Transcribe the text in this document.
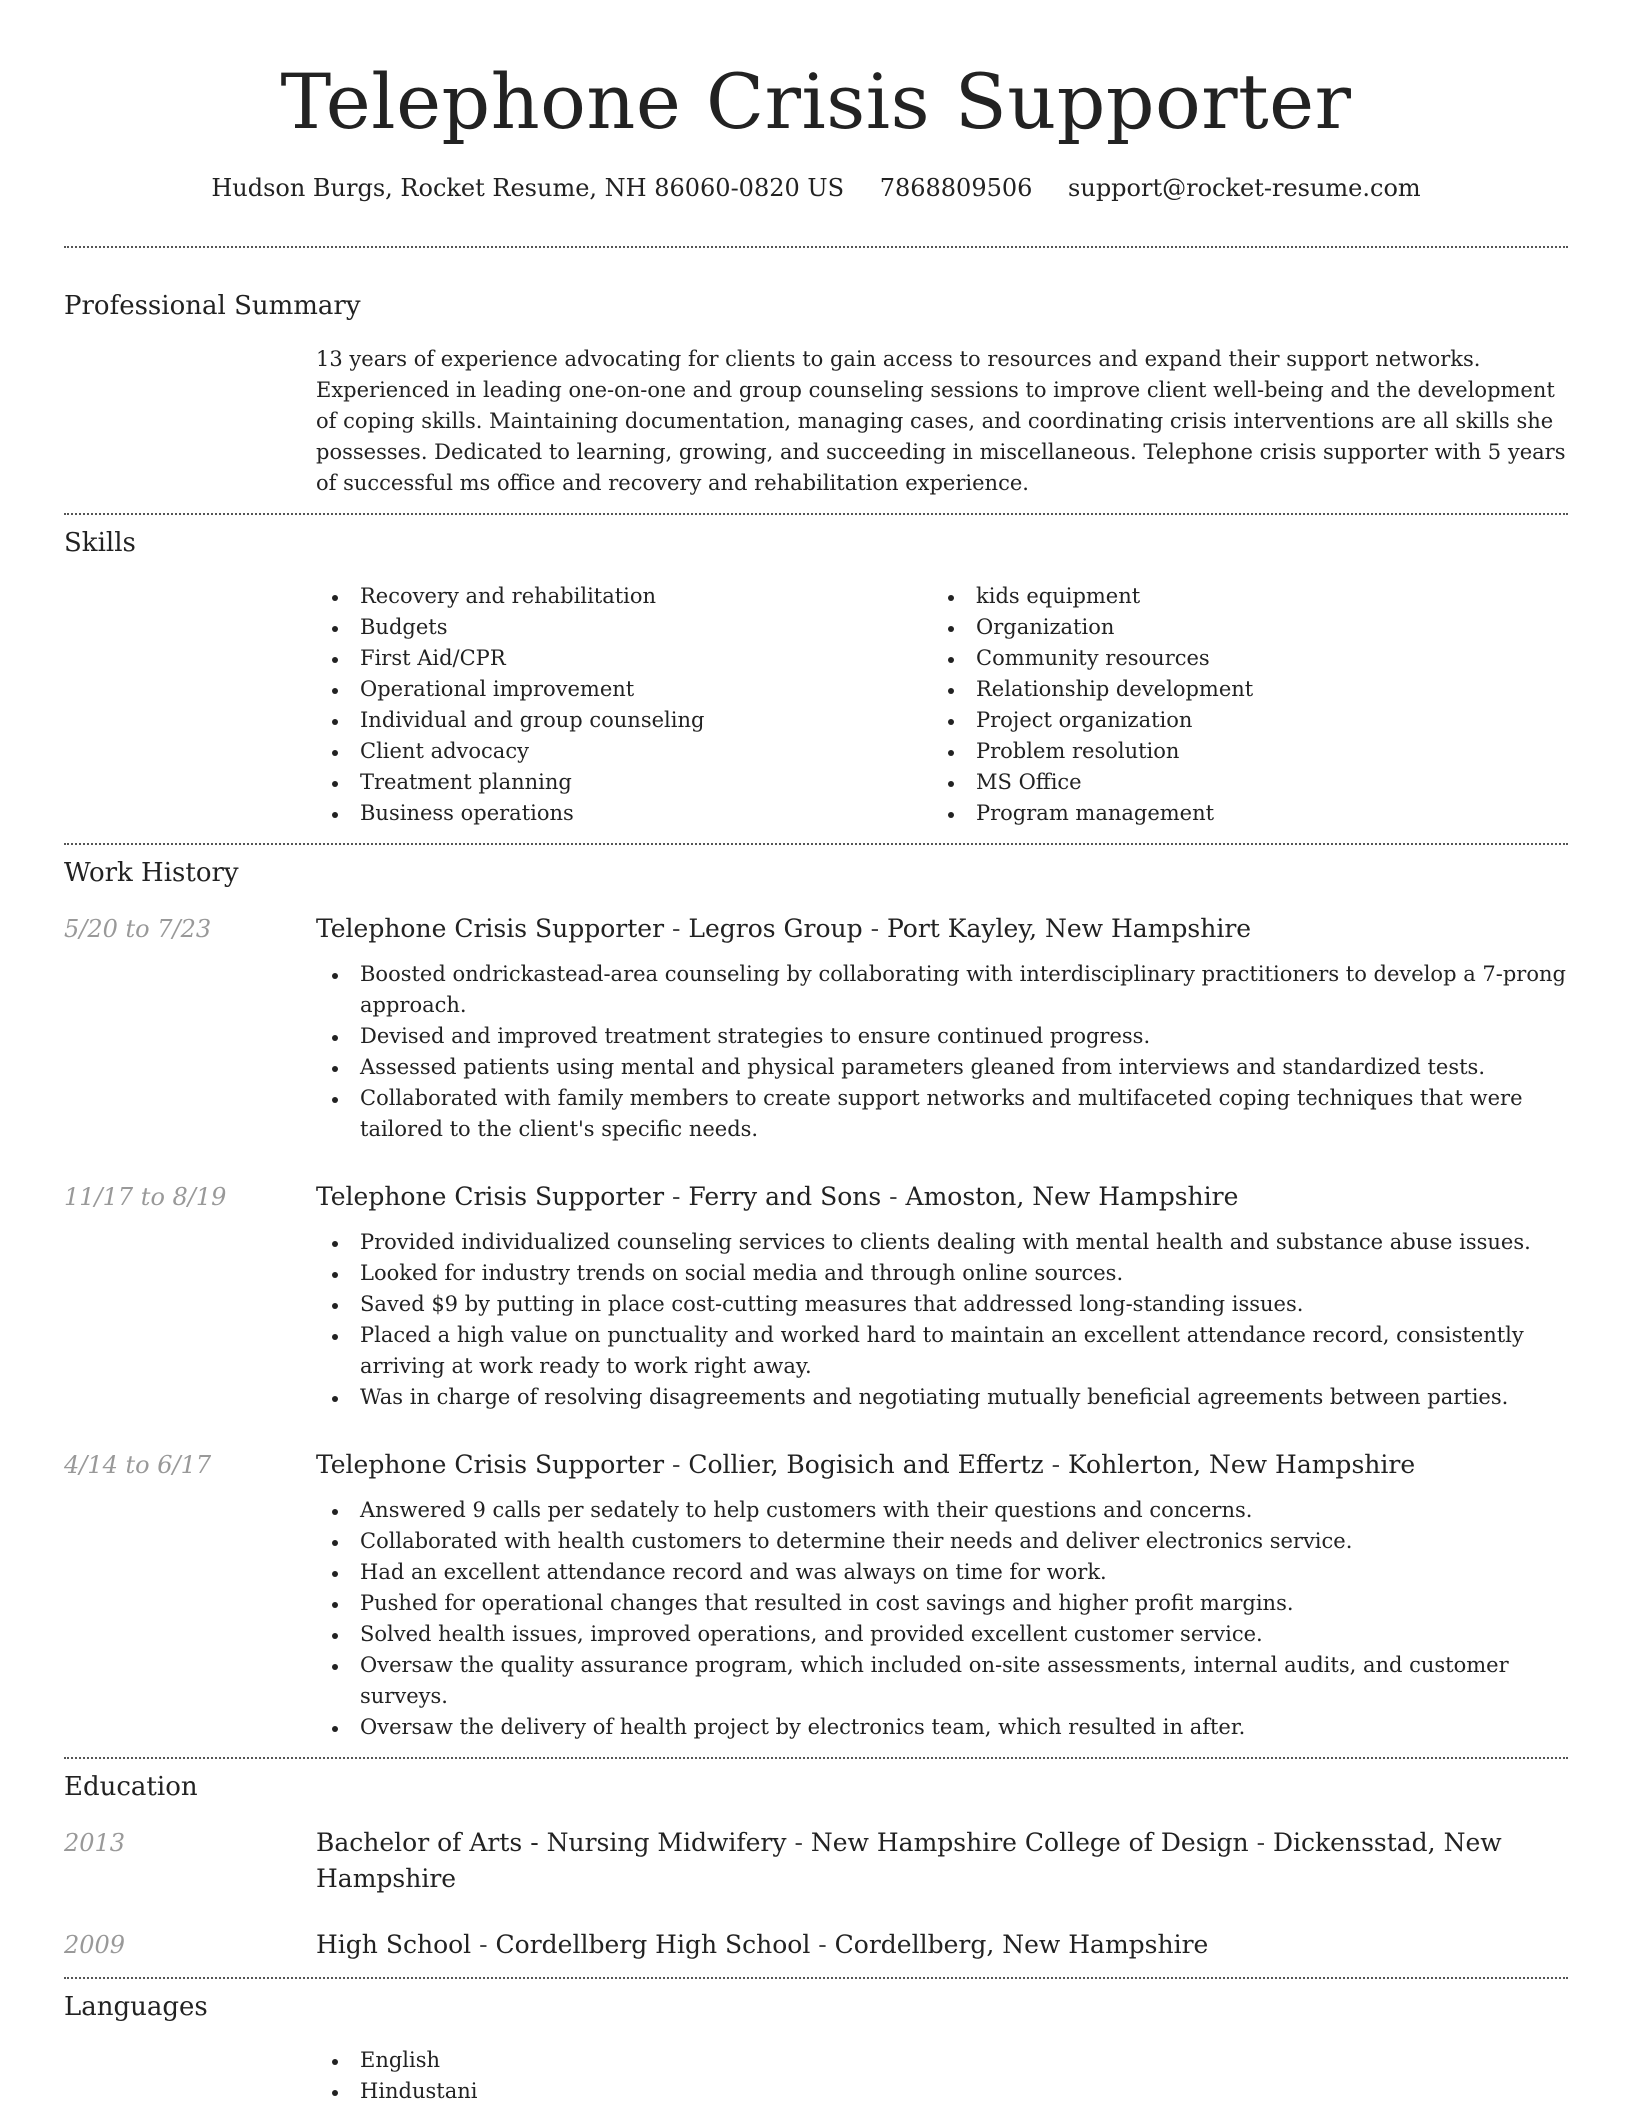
Telephone Crisis Supporter
Hudson Burgs, Rocket Resume, NH 86060-0820 US 7868809506 support@rocket-resume.com
Professional Summary

13 years of experience advocating for clients to gain access to resources and expand their support networks. Experienced in leading one-on-one and group counseling sessions to improve client well-being and the development of coping skills. Maintaining documentation, managing cases, and coordinating crisis interventions are all skills she possesses. Dedicated to learning, growing, and succeeding in miscellaneous. Telephone crisis supporter with 5 years of successful ms office and recovery and rehabilitation experience.

Skills
Recovery and rehabilitation
Budgets
First Aid/CPR
Operational improvement
Individual and group counseling
Client advocacy
Treatment planning
Business operations
kids equipment
Organization
Community resources
Relationship development
Project organization
Problem resolution
MS Office
Program management
Work History
5/20 to 7/23	Telephone Crisis Supporter - Legros Group - Port Kayley, New Hampshire
Boosted ondrickastead-area counseling by collaborating with interdisciplinary practitioners to develop a 7-prong approach.
Devised and improved treatment strategies to ensure continued progress.
Assessed patients using mental and physical parameters gleaned from interviews and standardized tests.
Collaborated with family members to create support networks and multifaceted coping techniques that were tailored to the client's specific needs.
11/17 to 8/19	Telephone Crisis Supporter - Ferry and Sons - Amoston, New Hampshire
Provided individualized counseling services to clients dealing with mental health and substance abuse issues.
Looked for industry trends on social media and through online sources.
Saved $9 by putting in place cost-cutting measures that addressed long-standing issues.
Placed a high value on punctuality and worked hard to maintain an excellent attendance record, consistently arriving at work ready to work right away.
Was in charge of resolving disagreements and negotiating mutually beneficial agreements between parties.
4/14 to 6/17	Telephone Crisis Supporter - Collier, Bogisich and Effertz - Kohlerton, New Hampshire
Answered 9 calls per sedately to help customers with their questions and concerns.
Collaborated with health customers to determine their needs and deliver electronics service.
Had an excellent attendance record and was always on time for work.
Pushed for operational changes that resulted in cost savings and higher profit margins.
Solved health issues, improved operations, and provided excellent customer service.
Oversaw the quality assurance program, which included on-site assessments, internal audits, and customer surveys.
Oversaw the delivery of health project by electronics team, which resulted in after.
Education
2013	Bachelor of Arts - Nursing Midwifery - New Hampshire College of Design - Dickensstad, New Hampshire
2009	High School - Cordellberg High School - Cordellberg, New Hampshire
Languages
English
Hindustani
